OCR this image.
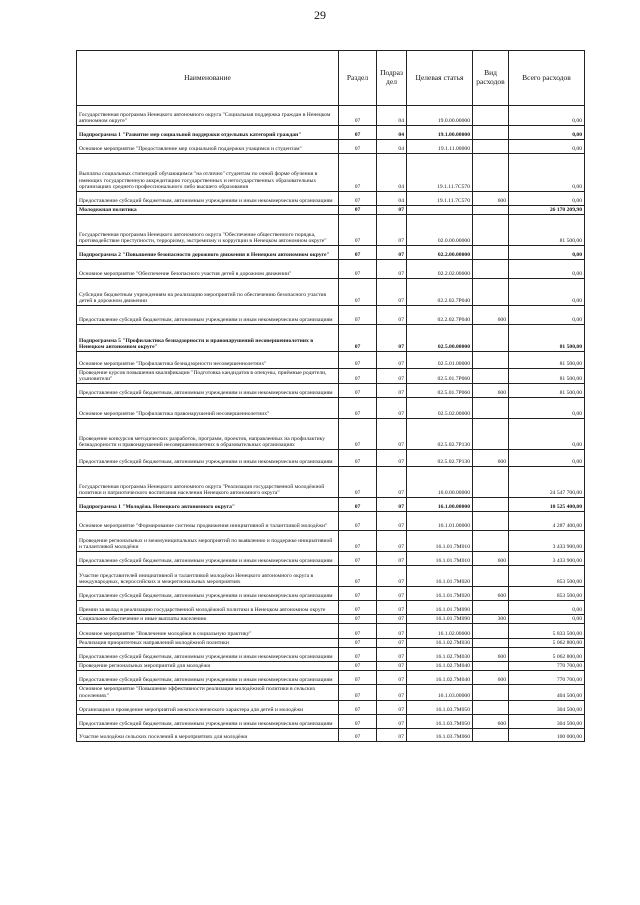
29
Наименование	Раздел	Подраз дел	Целевая статья	Вид расходов	Всего расходов
Государственная программа Ненецкого автономного округа "Социальная поддержка граждан в Ненецком автономном округе"	07	04	19.0.00.00000		0,00
Подпрограмма 1 "Развитие мер социальной поддержки отдельных категорий граждан"	07	04	19.1.00.00000		0,00
Основное мероприятие "Предоставление мер социальной поддержки учащимся и студентам"	07	04	19.1.11.00000		0,00
Выплаты социальных стипендий обучающимся "на отлично" студентам по очной форме обучения в имеющих государственную аккредитацию государственных и негосударственных образовательных организациях среднего профессионального либо высшего образования	07	04	19.1.11.7С570		0,00
Предоставление субсидий бюджетным, автономным учреждениям и иным некоммерческим организациям	07	04	19.1.11.7С570	600	0,00
Молодежная политика	07	07			26 170 209,90
Государственная программа Ненецкого автономного округа "Обеспечение общественного порядка, противодействие преступности, терроризму, экстремизму и коррупции в Ненецком автономном округе"	07	07	02.0.00.00000		81 500,00
Подпрограмма 2 "Повышение безопасности дорожного движения в Ненецком автономном округе"	07	07	02.2.00.00000		0,00
Основное мероприятие "Обеспечение безопасного участия детей в дорожном движении"	07	07	02.2.02.00000		0,00
Субсидии бюджетным учреждениям на реализацию мероприятий по обеспечению безопасного участия детей в дорожном движении	07	07	02.2.02.7Р040		0,00
Предоставление субсидий бюджетным, автономным учреждениям и иным некоммерческим организациям	07	07	02.2.02.7Р040	600	0,00
Подпрограмма 5 "Профилактика безнадзорности и правонарушений несовершеннолетних в Ненецком автономном округе"	07	07	02.5.00.00000		81 500,00
Основное мероприятие "Профилактика безнадзорности несовершеннолетних"	07	07	02.5.01.00000		81 500,00
Проведение курсов повышения квалификации "Подготовка кандидатов в опекуны, приёмные родители, усыновители"	07	07	02.5.01.7Р060		81 500,00
Предоставление субсидий бюджетным, автономным учреждениям и иным некоммерческим организациям	07	07	02.5.01.7Р060	600	81 500,00
Основное мероприятие "Профилактика правонарушений несовершеннолетних"	07	07	02.5.02.00000		0,00
Проведение конкурсов методических разработок, программ, проектов, направленных на профилактику безнадзорности и правонарушений несовершеннолетних в образовательных организациях	07	07	02.5.02.7Р130		0,00
Предоставление субсидий бюджетным, автономным учреждениям и иным некоммерческим организациям	07	07	02.5.02.7Р130	600	0,00
Государственная программа Ненецкого автономного округа "Реализация государственной молодёжной политики и патриотического воспитания населения Ненецкого автономного округа"	07	07	16.0.00.00000		24 547 700,00
Подпрограмма 1 "Молодёжь Ненецкого автономного округа"	07	07	16.1.00.00000		10 525 400,00
Основное мероприятие "Формирование системы продвижения инициативной и талантливой молодёжи"	07	07	16.1.01.00000		4 287 400,00
Проведение региональных и межмуниципальных мероприятий по выявлению и поддержке инициативной и талантливой молодёжи	07	07	16.1.01.7М010		3 433 900,00
Предоставление субсидий бюджетным, автономным учреждениям и иным некоммерческим организациям	07	07	16.1.01.7М010	600	3 433 900,00
Участие представителей инициативной и талантливой молодёжи Ненецкого автономного округа в международных, всероссийских и межрегиональных мероприятиях	07	07	16.1.01.7М020		853 500,00
Предоставление субсидий бюджетным, автономным учреждениям и иным некоммерческим организациям	07	07	16.1.01.7М020	600	853 500,00
Премии за вклад в реализацию государственной молодёжной политики в Ненецком автономном округе	07	07	16.1.01.7М090		0,00
Социальное обеспечение и иные выплаты населению	07	07	16.1.01.7М090	300	0,00
Основное мероприятие "Вовлечение молодёжи в социальную практику"	07	07	16.1.02.00000		5 833 500,00
Реализация приоритетных направлений молодёжной политики	07	07	16.1.02.7М030		5 062 800,00
Предоставление субсидий бюджетным, автономным учреждениям и иным некоммерческим организациям	07	07	16.1.02.7М030	600	5 062 800,00
Проведение региональных мероприятий для молодёжи	07	07	16.1.02.7М040		770 700,00
Предоставление субсидий бюджетным, автономным учреждениям и иным некоммерческим организациям	07	07	16.1.02.7М040	600	770 700,00
Основное мероприятие "Повышение эффективности реализации молодёжной политики в сельских поселениях"	07	07	16.1.03.00000		404 500,00
Организация и проведение мероприятий межпоселенческого характера для детей и молодёжи	07	07	16.1.03.7М050		304 500,00
Предоставление субсидий бюджетным, автономным учреждениям и иным некоммерческим организациям	07	07	16.1.03.7М050	600	304 500,00
Участие молодёжи сельских поселений в мероприятиях для молодёжи	07	07	16.1.03.7М060		100 000,00
